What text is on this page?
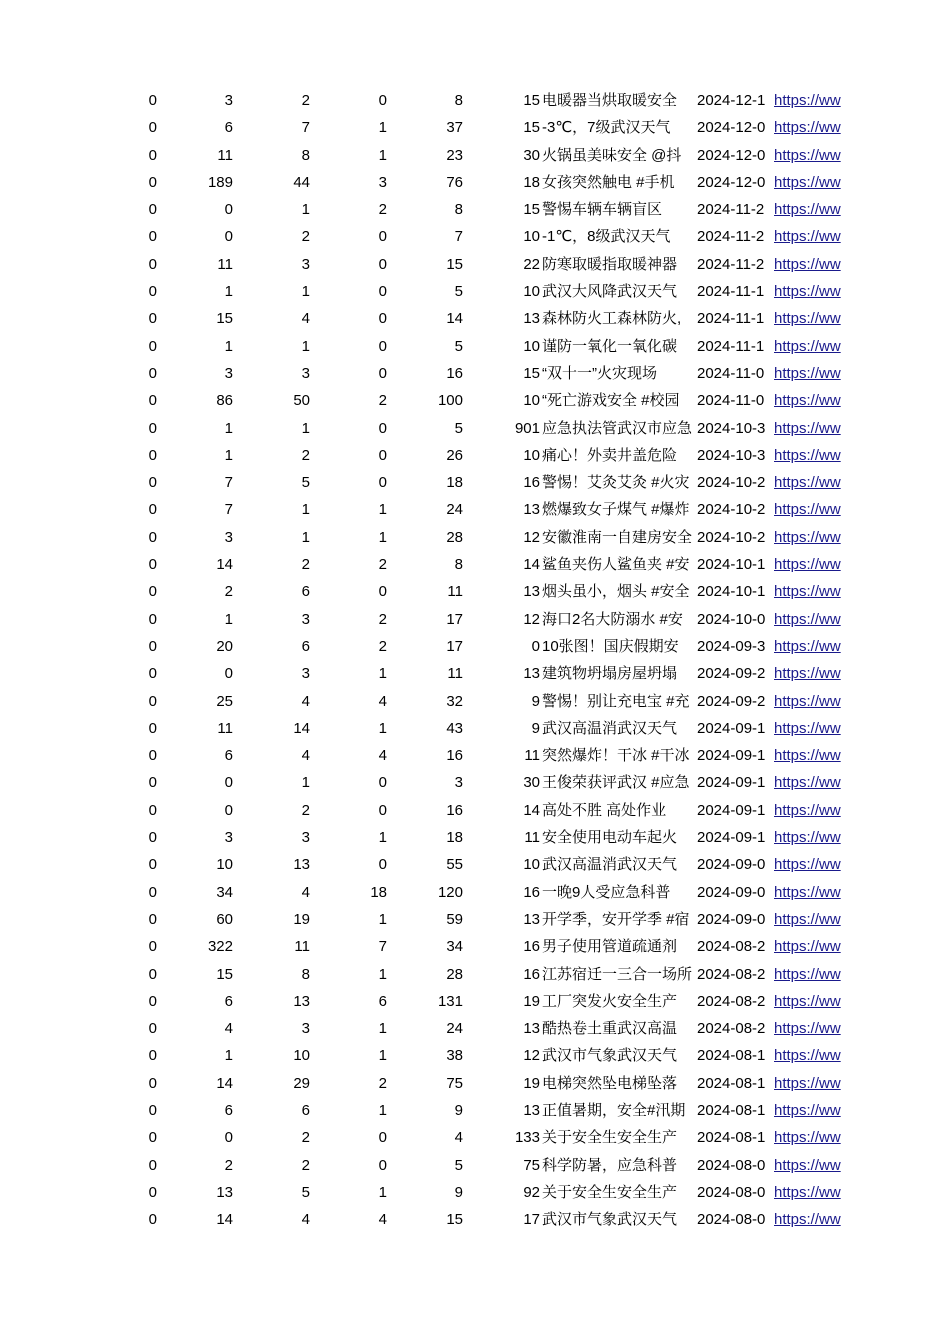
0	3	2	0	8	15 电暖器当烘取暖安全	2024-12-1 https://ww
0	6	7	1	37	15 -3℃，7级武汉天气	2024-12-0 https://ww
0	11	8	1	23	30 火锅虽美味安全 @抖	2024-12-0 https://ww
0	189	44	3	76	18 女孩突然触电 #手机	2024-12-0 https://ww
0	0	1	2	8	15 警惕车辆车辆盲区	2024-11-2 https://ww
0	0	2	0	7	10 -1℃，8级武汉天气	2024-11-2 https://ww
0	11	3	0	15	22 防寒取暖指取暖神器	2024-11-2 https://ww
0	1	1	0	5	10 武汉大风降武汉天气	2024-11-1 https://ww
0	15	4	0	14	13 森林防火工森林防火,	2024-11-1 https://ww
0	1	1	0	5	10 谨防一氧化一氧化碳	2024-11-1 https://ww
0	3	3	0	16	15 “双十一”火灾现场	2024-11-0 https://ww
0	86	50	2	100	10 “死亡游戏安全 #校园	2024-11-0 https://ww
0	1	1	0	5	901 应急执法管武汉市应急 2024-10-3 https://ww
0	1	2	0	26	10 痛心！外卖井盖危险	2024-10-3 https://ww
0	7	5	0	18	16 警惕！艾灸艾灸 #火灾 2024-10-2 https://ww
0	7	1	1	24	13 燃爆致女子煤气 #爆炸 2024-10-2 https://ww
0	3	1	1	28	12 安徽淮南一自建房安全 2024-10-2 https://ww
0	14	2	2	8	14 鲨鱼夹伤人鲨鱼夹 #安 2024-10-1 https://ww
0	2	6	0	11	13 烟头虽小，烟头 #安全 2024-10-1 https://ww
0	1	3	2	17	12 海口2名大防溺水 #安 2024-10-0 https://ww
0	20	6	2	17	0 10张图！国庆假期安	2024-09-3 https://ww
0	0	3	1	11	13 建筑物坍塌房屋坍塌	2024-09-2 https://ww
0	25	4	4	32	9 警惕！别让充电宝 #充 2024-09-2 https://ww
0	11	14	1	43	9 武汉高温消武汉天气	2024-09-1 https://ww
0	6	4	4	16	11 突然爆炸！干冰 #干冰 2024-09-1 https://ww
0	0	1	0	3	30 王俊荣获评武汉 #应急 2024-09-1 https://ww
0	0	2	0	16	14 高处不胜 高处作业	2024-09-1 https://ww
0	3	3	1	18	11 安全使用电动车起火	2024-09-1 https://ww
0	10	13	0	55	10 武汉高温消武汉天气	2024-09-0 https://ww
0	34	4	18	120	16 一晚9人受应急科普	2024-09-0 https://ww
0	60	19	1	59	13 开学季，安开学季 #宿 2024-09-0 https://ww
0	322	11	7	34	16 男子使用管道疏通剂	2024-08-2 https://ww
0	15	8	1	28	16 江苏宿迁一三合一场所 2024-08-2 https://ww
0	6	13	6	131	19 工厂突发火安全生产	2024-08-2 https://ww
0	4	3	1	24	13 酷热卷土重武汉高温	2024-08-2 https://ww
0	1	10	1	38	12 武汉市气象武汉天气	2024-08-1 https://ww
0	14	29	2	75	19 电梯突然坠电梯坠落	2024-08-1 https://ww
0	6	6	1	9	13 正值暑期，安全#汛期 2024-08-1 https://ww
0	0	2	0	4	133 关于安全生安全生产	2024-08-1 https://ww
0	2	2	0	5	75 科学防暑，应急科普	2024-08-0 https://ww
0	13	5	1	9	92 关于安全生安全生产	2024-08-0 https://ww
0	14	4	4	15	17 武汉市气象武汉天气	2024-08-0 https://ww
